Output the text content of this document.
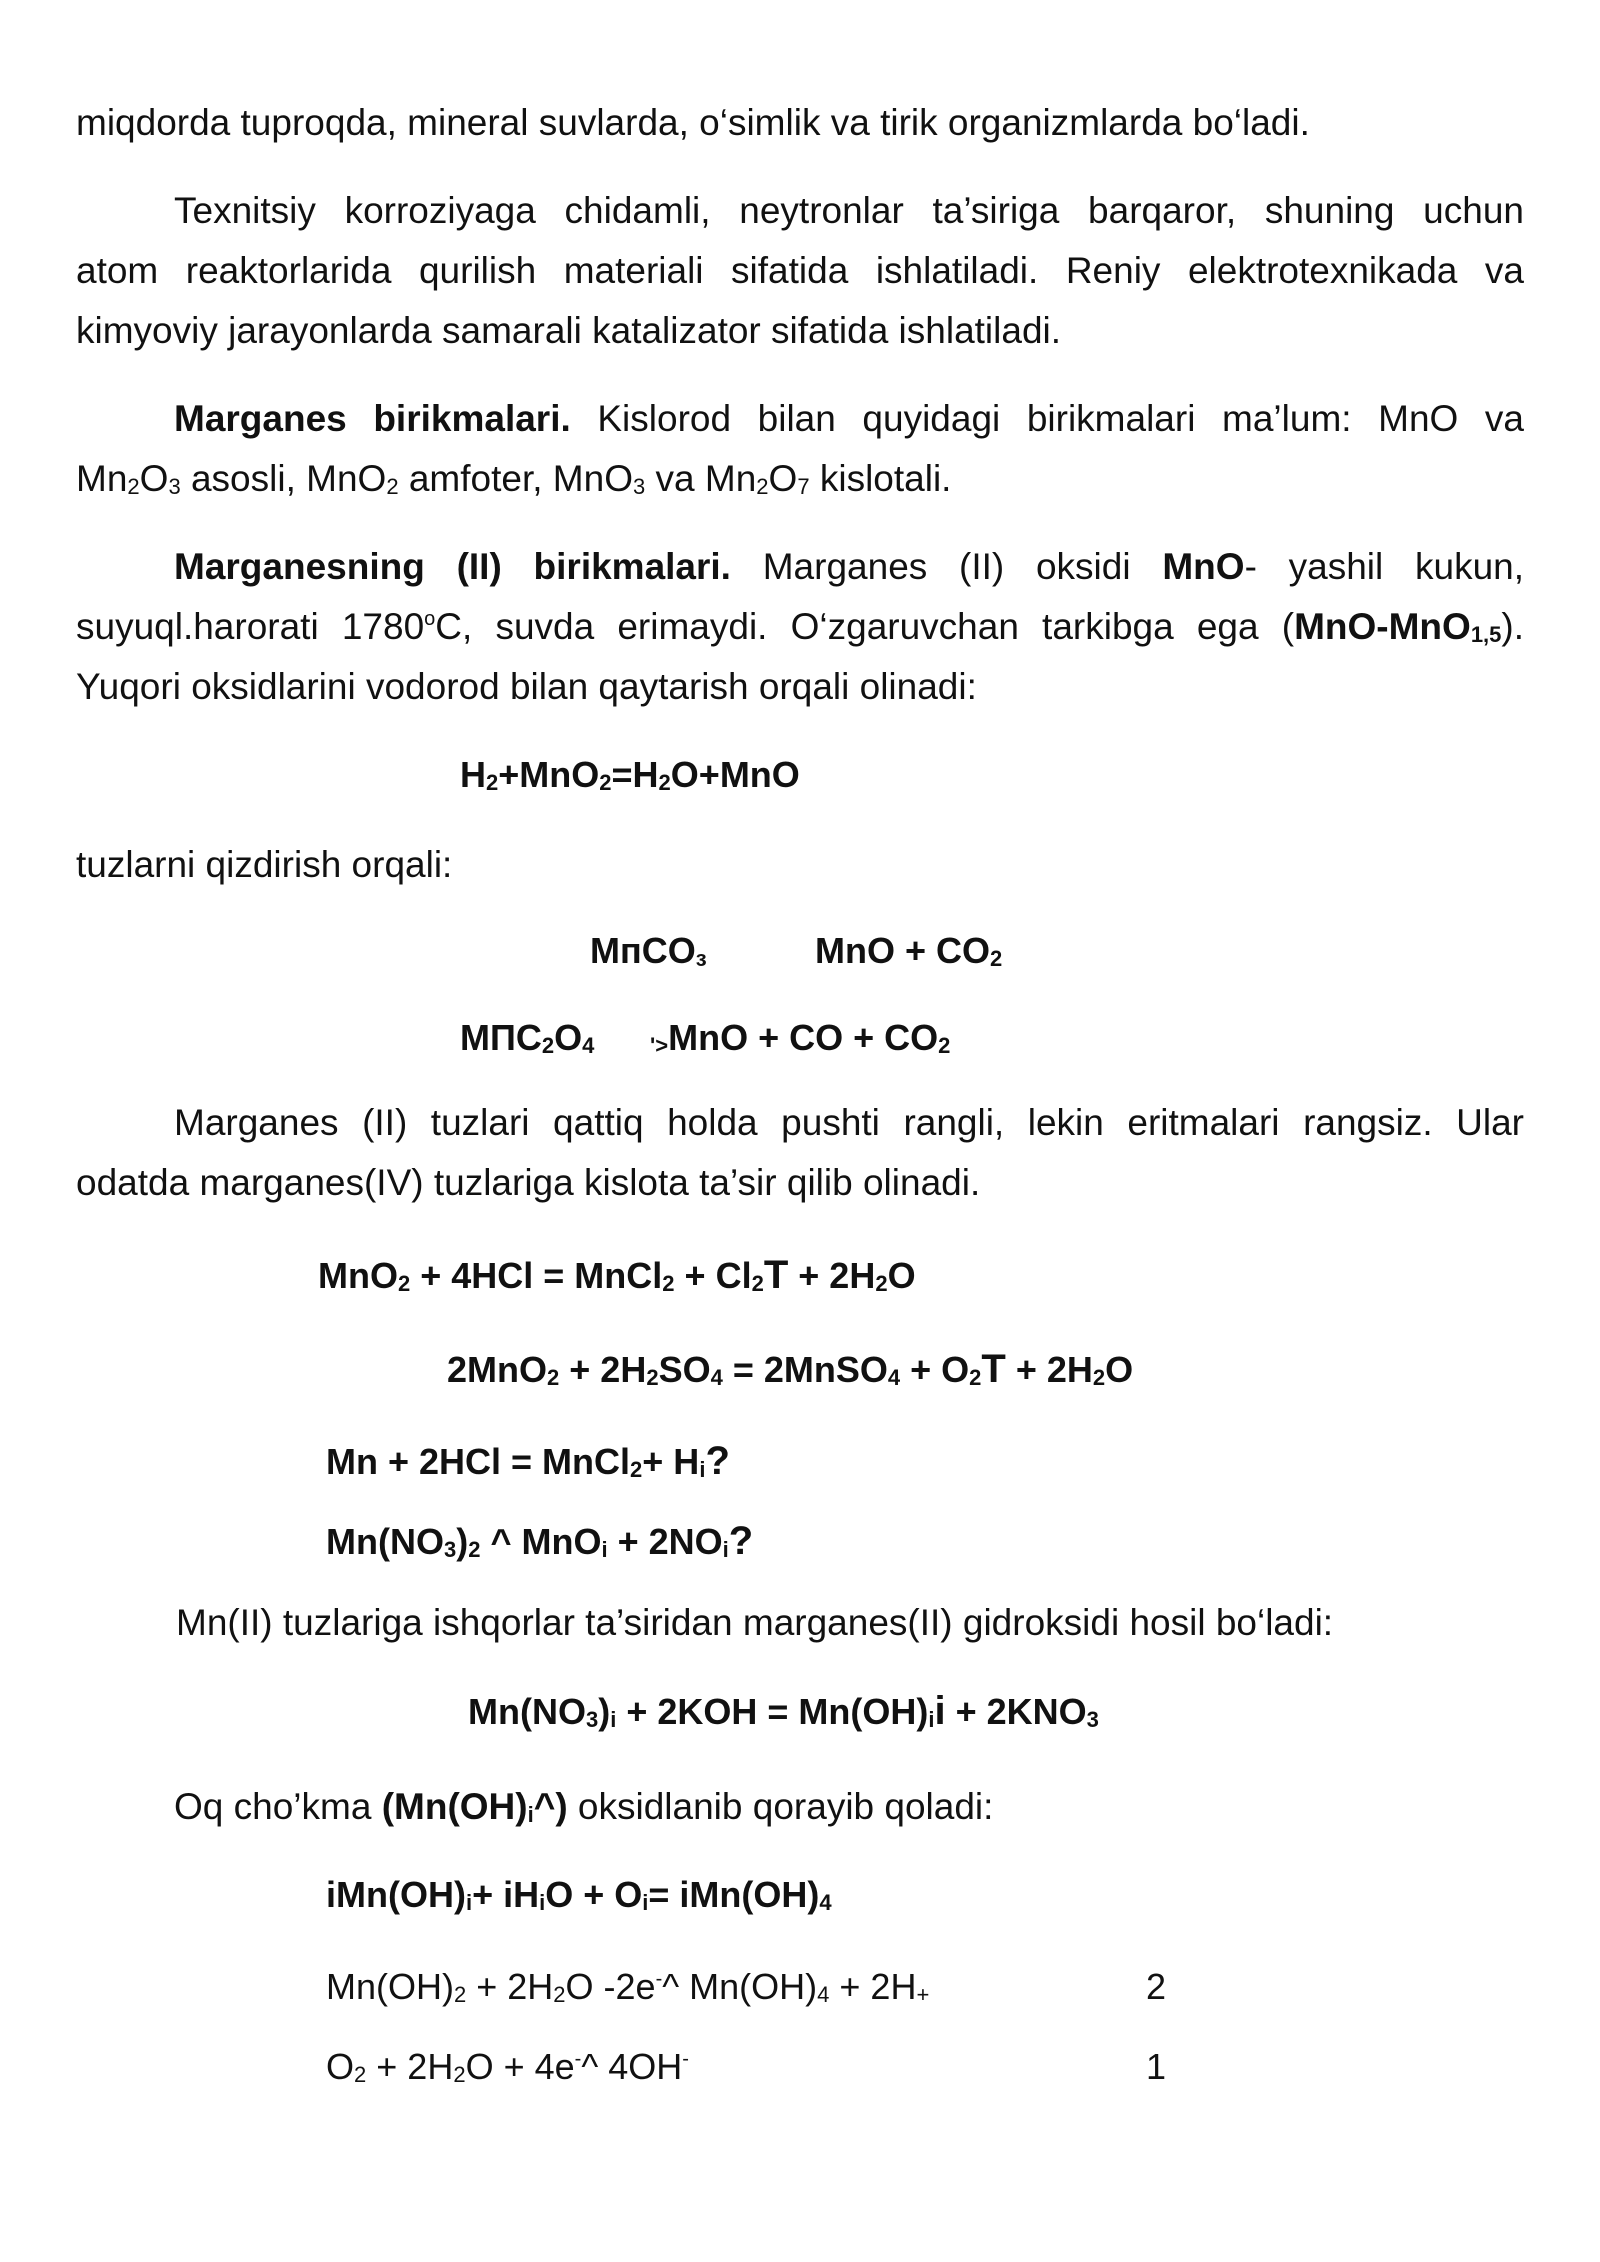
miqdorda tuproqda, mineral suvlarda, o‘simlik va tirik organizmlarda bo‘ladi.
Texnitsiy korroziyaga chidamli, neytronlar ta’siriga barqaror, shuning uchun
atom reaktorlarida qurilish materiali sifatida ishlatiladi. Reniy elektrotexnikada va
kimyoviy jarayonlarda samarali katalizator sifatida ishlatiladi.
Marganes birikmalari. Kislorod bilan quyidagi birikmalari ma’lum: MnO va
Mn2O3 asosli, MnO2 amfoter, MnO3 va Mn2O7 kislotali.
Marganesning (II) birikmalari. Marganes (II) oksidi MnO- yashil kukun,
suyuql.harorati 1780$^o$C, suvda erimaydi. O‘zgaruvchan tarkibga ega (MnO-MnO1,5).
Yuqori oksidlarini vodorod bilan qaytarish orqali olinadi:
H2+MnO2=H2O+MnO
tuzlarni qizdirish orqali:
MпCOз	MnO + CO2
MПC2O4	'>MnO + CO + CO2
Marganes (II) tuzlari qattiq holda pushti rangli, lekin eritmalari rangsiz. Ular
odatda marganes(IV) tuzlariga kislota ta’sir qilib olinadi.
MnO2 + 4HCl = MnCl2 + Cl2T + 2H2O
2MnO2 + 2H2SO4 = 2MnSO4 + O2T + 2H2O
Mn + 2HCl = MnCl2+ Hi?
Mn(NO3)2 ^ MnOi + 2NOi?
Mn(II) tuzlariga ishqorlar ta’siridan marganes(II) gidroksidi hosil bo‘ladi:
Mn(NO3)i + 2KOH = Mn(OH)ii + 2KNO3
Oq cho’kma (Mn(OH)i^) oksidlanib qorayib qoladi:
iMn(OH)i+ iHiO + Oi= iMn(OH)4
Mn(OH)2 + 2H2O -2e-^ Mn(OH)4 + 2H+	2
O2 + 2H2O + 4e-^ 4OH-	1
